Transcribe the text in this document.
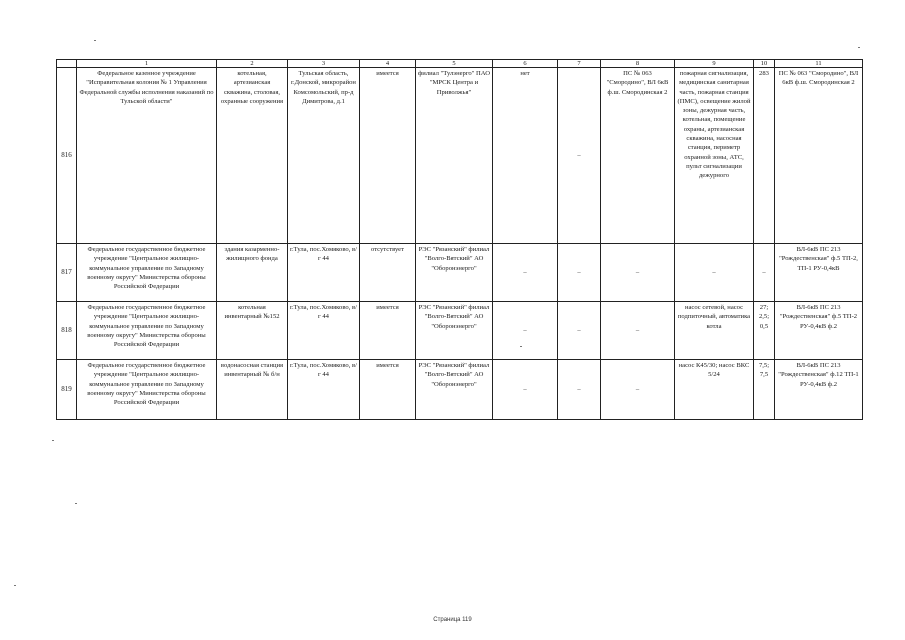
	1	2	3	4	5	6	7	8	9	10	11
816	Федеральное казенное учреждение "Исправительная колония № 1 Управления Федеральной службы исполнения наказаний по Тульской области"	котельная, артезианская скважина, столовая, охранные сооружения	Тульская область, г.Донской, микрорайон Комсомольский, пр-д Димитрова, д.1	имеется	филиал "Тулэнерго" ПАО "МРСК Центра и Приволжья"	нет	–	ПС № 063 "Смородино", ВЛ 6кВ ф.ш. Смородинская 2	пожарная сигнализация, медицинская санитарная часть, пожарная станция (ПМС), освещение жилой зоны, дежурная часть, котельная, помещение охраны, артезианская скважина, насосная станция, периметр охранной зоны, АТС, пульт сигнализации дежурного	283	ПС № 063 "Смородино", ВЛ 6кВ ф.ш. Смородинская 2
817	Федеральное государственное бюджетное учреждение "Центральное жилищно-коммунальное управление по Западному военному округу" Министерства обороны Российской Федерации	здания казарменно-жилищного фонда	г.Тула, пос.Хомяково, в/г 44	отсутствует	РЭС "Рязанский" филиал "Волго-Вятский" АО "Оборонэнерго"	–	–	–	–	–	ВЛ-6кВ ПС 213 "Рождественская" ф.5 ТП-2, ТП-1 РУ-0,4кВ
818	Федеральное государственное бюджетное учреждение "Центральное жилищно-коммунальное управление по Западному военному округу" Министерства обороны Российской Федерации	котельная инвентарный №152	г.Тула, пос.Хомяково, в/г 44	имеется	РЭС "Рязанский" филиал "Волго-Вятский" АО "Оборонэнерго"	–	–	–	насос сетевой, насос подпиточный, автоматика котла	27; 2,5; 0,5	ВЛ-6кВ ПС 213 "Рождественская" ф.5 ТП-2 РУ-0,4кВ ф.2
819	Федеральное государственное бюджетное учреждение "Центральное жилищно-коммунальное управление по Западному военному округу" Министерства обороны Российской Федерации	водонасосная станция инвентарный № б/н	г.Тула, пос.Хомяково, в/г 44	имеется	РЭС "Рязанский" филиал "Волго-Вятский" АО "Оборонэнерго"	–	–	–	насос К45/30; насос ВКС 5/24	7,5; 7,5	ВЛ-6кВ ПС 213 "Рождественская" ф.12 ТП-1 РУ-0,4кВ ф.2
Страница 119
